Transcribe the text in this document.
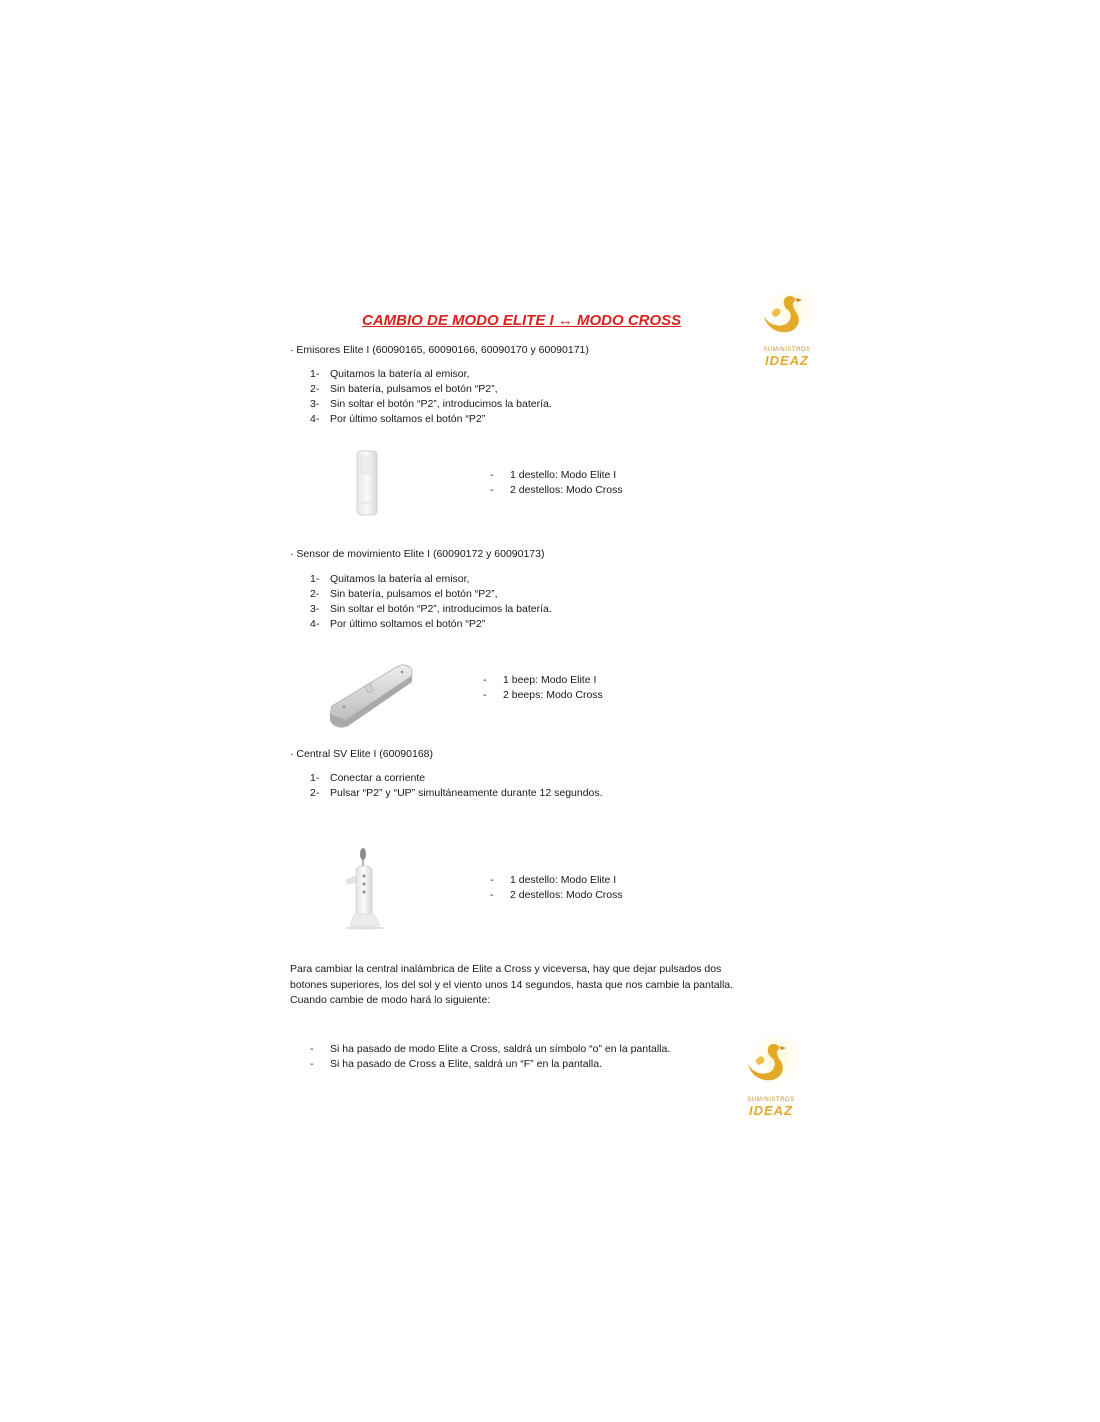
CAMBIO DE MODO ELITE I ↔ MODO CROSS
SUMINISTROS
IDEAZ
· Emisores Elite I (60090165, 60090166, 60090170 y 60090171)
1- Quitamos la batería al emisor,
2- Sin batería, pulsamos el botón “P2”,
3- Sin soltar el botón “P2”, introducimos la batería.
4- Por último soltamos el botón “P2”
- 1 destello: Modo Elite I
- 2 destellos: Modo Cross
· Sensor de movimiento Elite I (60090172 y 60090173)
1- Quitamos la batería al emisor,
2- Sin batería, pulsamos el botón “P2”,
3- Sin soltar el botón “P2”, introducimos la batería.
4- Por último soltamos el botón “P2”
- 1 beep: Modo Elite I
- 2 beeps: Modo Cross
· Central SV Elite I (60090168)
1- Conectar a corriente
2- Pulsar “P2” y “UP” simultáneamente durante 12 segundos.
- 1 destello: Modo Elite I
- 2 destellos: Modo Cross
Para cambiar la central inalámbrica de Elite a Cross y viceversa, hay que dejar pulsados dos botones superiores, los del sol y el viento unos 14 segundos, hasta que nos cambie la pantalla. Cuando cambie de modo hará lo siguiente:
- Si ha pasado de modo Elite a Cross, saldrá un símbolo “o” en la pantalla.
- Si ha pasado de Cross a Elite, saldrá un “F” en la pantalla.
SUMINISTROS
IDEAZ
